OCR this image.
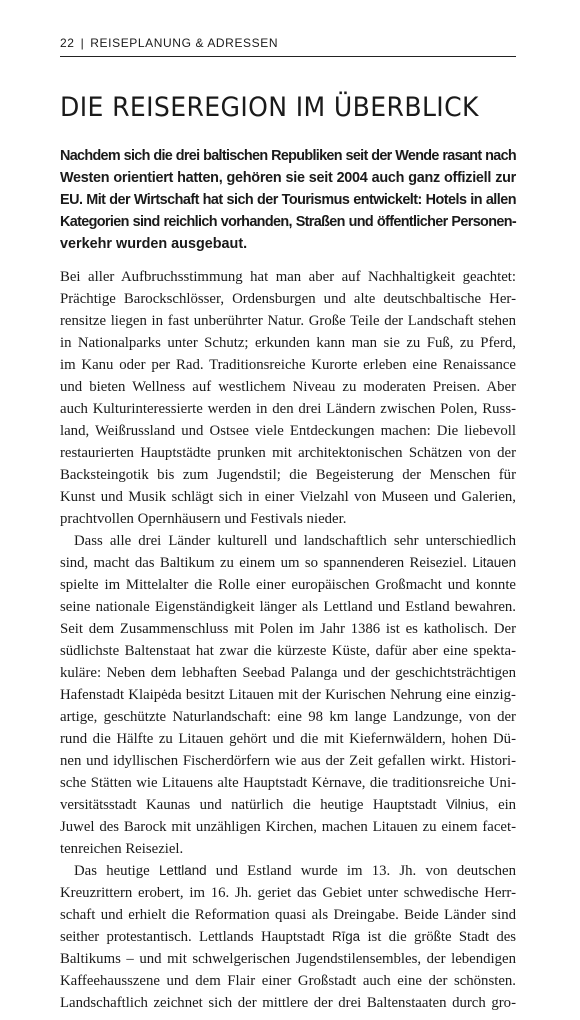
22 | REISEPLANUNG & ADRESSEN
DIE REISEREGION IM ÜBERBLICK
Nachdem sich die drei baltischen Republiken seit der Wende rasant nach
Westen orientiert hatten, gehören sie seit 2004 auch ganz offiziell zur
EU. Mit der Wirtschaft hat sich der Tourismus entwickelt: Hotels in allen
Kategorien sind reichlich vorhanden, Straßen und öffentlicher Personen-
verkehr wurden ausgebaut.
Bei aller Aufbruchsstimmung hat man aber auf Nachhaltigkeit geachtet:
Prächtige Barockschlösser, Ordensburgen und alte deutschbaltische Her-
rensitze liegen in fast unberührter Natur. Große Teile der Landschaft stehen
in Nationalparks unter Schutz; erkunden kann man sie zu Fuß, zu Pferd,
im Kanu oder per Rad. Traditionsreiche Kurorte erleben eine Renaissance
und bieten Wellness auf westlichem Niveau zu moderaten Preisen. Aber
auch Kulturinteressierte werden in den drei Ländern zwischen Polen, Russ-
land, Weißrussland und Ostsee viele Entdeckungen machen: Die liebevoll
restaurierten Hauptstädte prunken mit architektonischen Schätzen von der
Backsteingotik bis zum Jugendstil; die Begeisterung der Menschen für
Kunst und Musik schlägt sich in einer Vielzahl von Museen und Galerien,
prachtvollen Opernhäusern und Festivals nieder.
Dass alle drei Länder kulturell und landschaftlich sehr unterschiedlich
sind, macht das Baltikum zu einem um so spannenderen Reiseziel. Litauen
spielte im Mittelalter die Rolle einer europäischen Großmacht und konnte
seine nationale Eigenständigkeit länger als Lettland und Estland bewahren.
Seit dem Zusammenschluss mit Polen im Jahr 1386 ist es katholisch. Der
südlichste Baltenstaat hat zwar die kürzeste Küste, dafür aber eine spekta-
kuläre: Neben dem lebhaften Seebad Palanga und der geschichtsträchtigen
Hafenstadt Klaipėda besitzt Litauen mit der Kurischen Nehrung eine einzig-
artige, geschützte Naturlandschaft: eine 98 km lange Landzunge, von der
rund die Hälfte zu Litauen gehört und die mit Kiefernwäldern, hohen Dü-
nen und idyllischen Fischerdörfern wie aus der Zeit gefallen wirkt. Histori-
sche Stätten wie Litauens alte Hauptstadt Kėrnave, die traditionsreiche Uni-
versitätsstadt Kaunas und natürlich die heutige Hauptstadt Vilnius, ein
Juwel des Barock mit unzähligen Kirchen, machen Litauen zu einem facet-
tenreichen Reiseziel.
Das heutige Lettland und Estland wurde im 13. Jh. von deutschen
Kreuzrittern erobert, im 16. Jh. geriet das Gebiet unter schwedische Herr-
schaft und erhielt die Reformation quasi als Dreingabe. Beide Länder sind
seither protestantisch. Lettlands Hauptstadt Rīga ist die größte Stadt des
Baltikums – und mit schwelgerischen Jugendstilensembles, der lebendigen
Kaffeehausszene und dem Flair einer Großstadt auch eine der schönsten.
Landschaftlich zeichnet sich der mittlere der drei Baltenstaaten durch gro-
